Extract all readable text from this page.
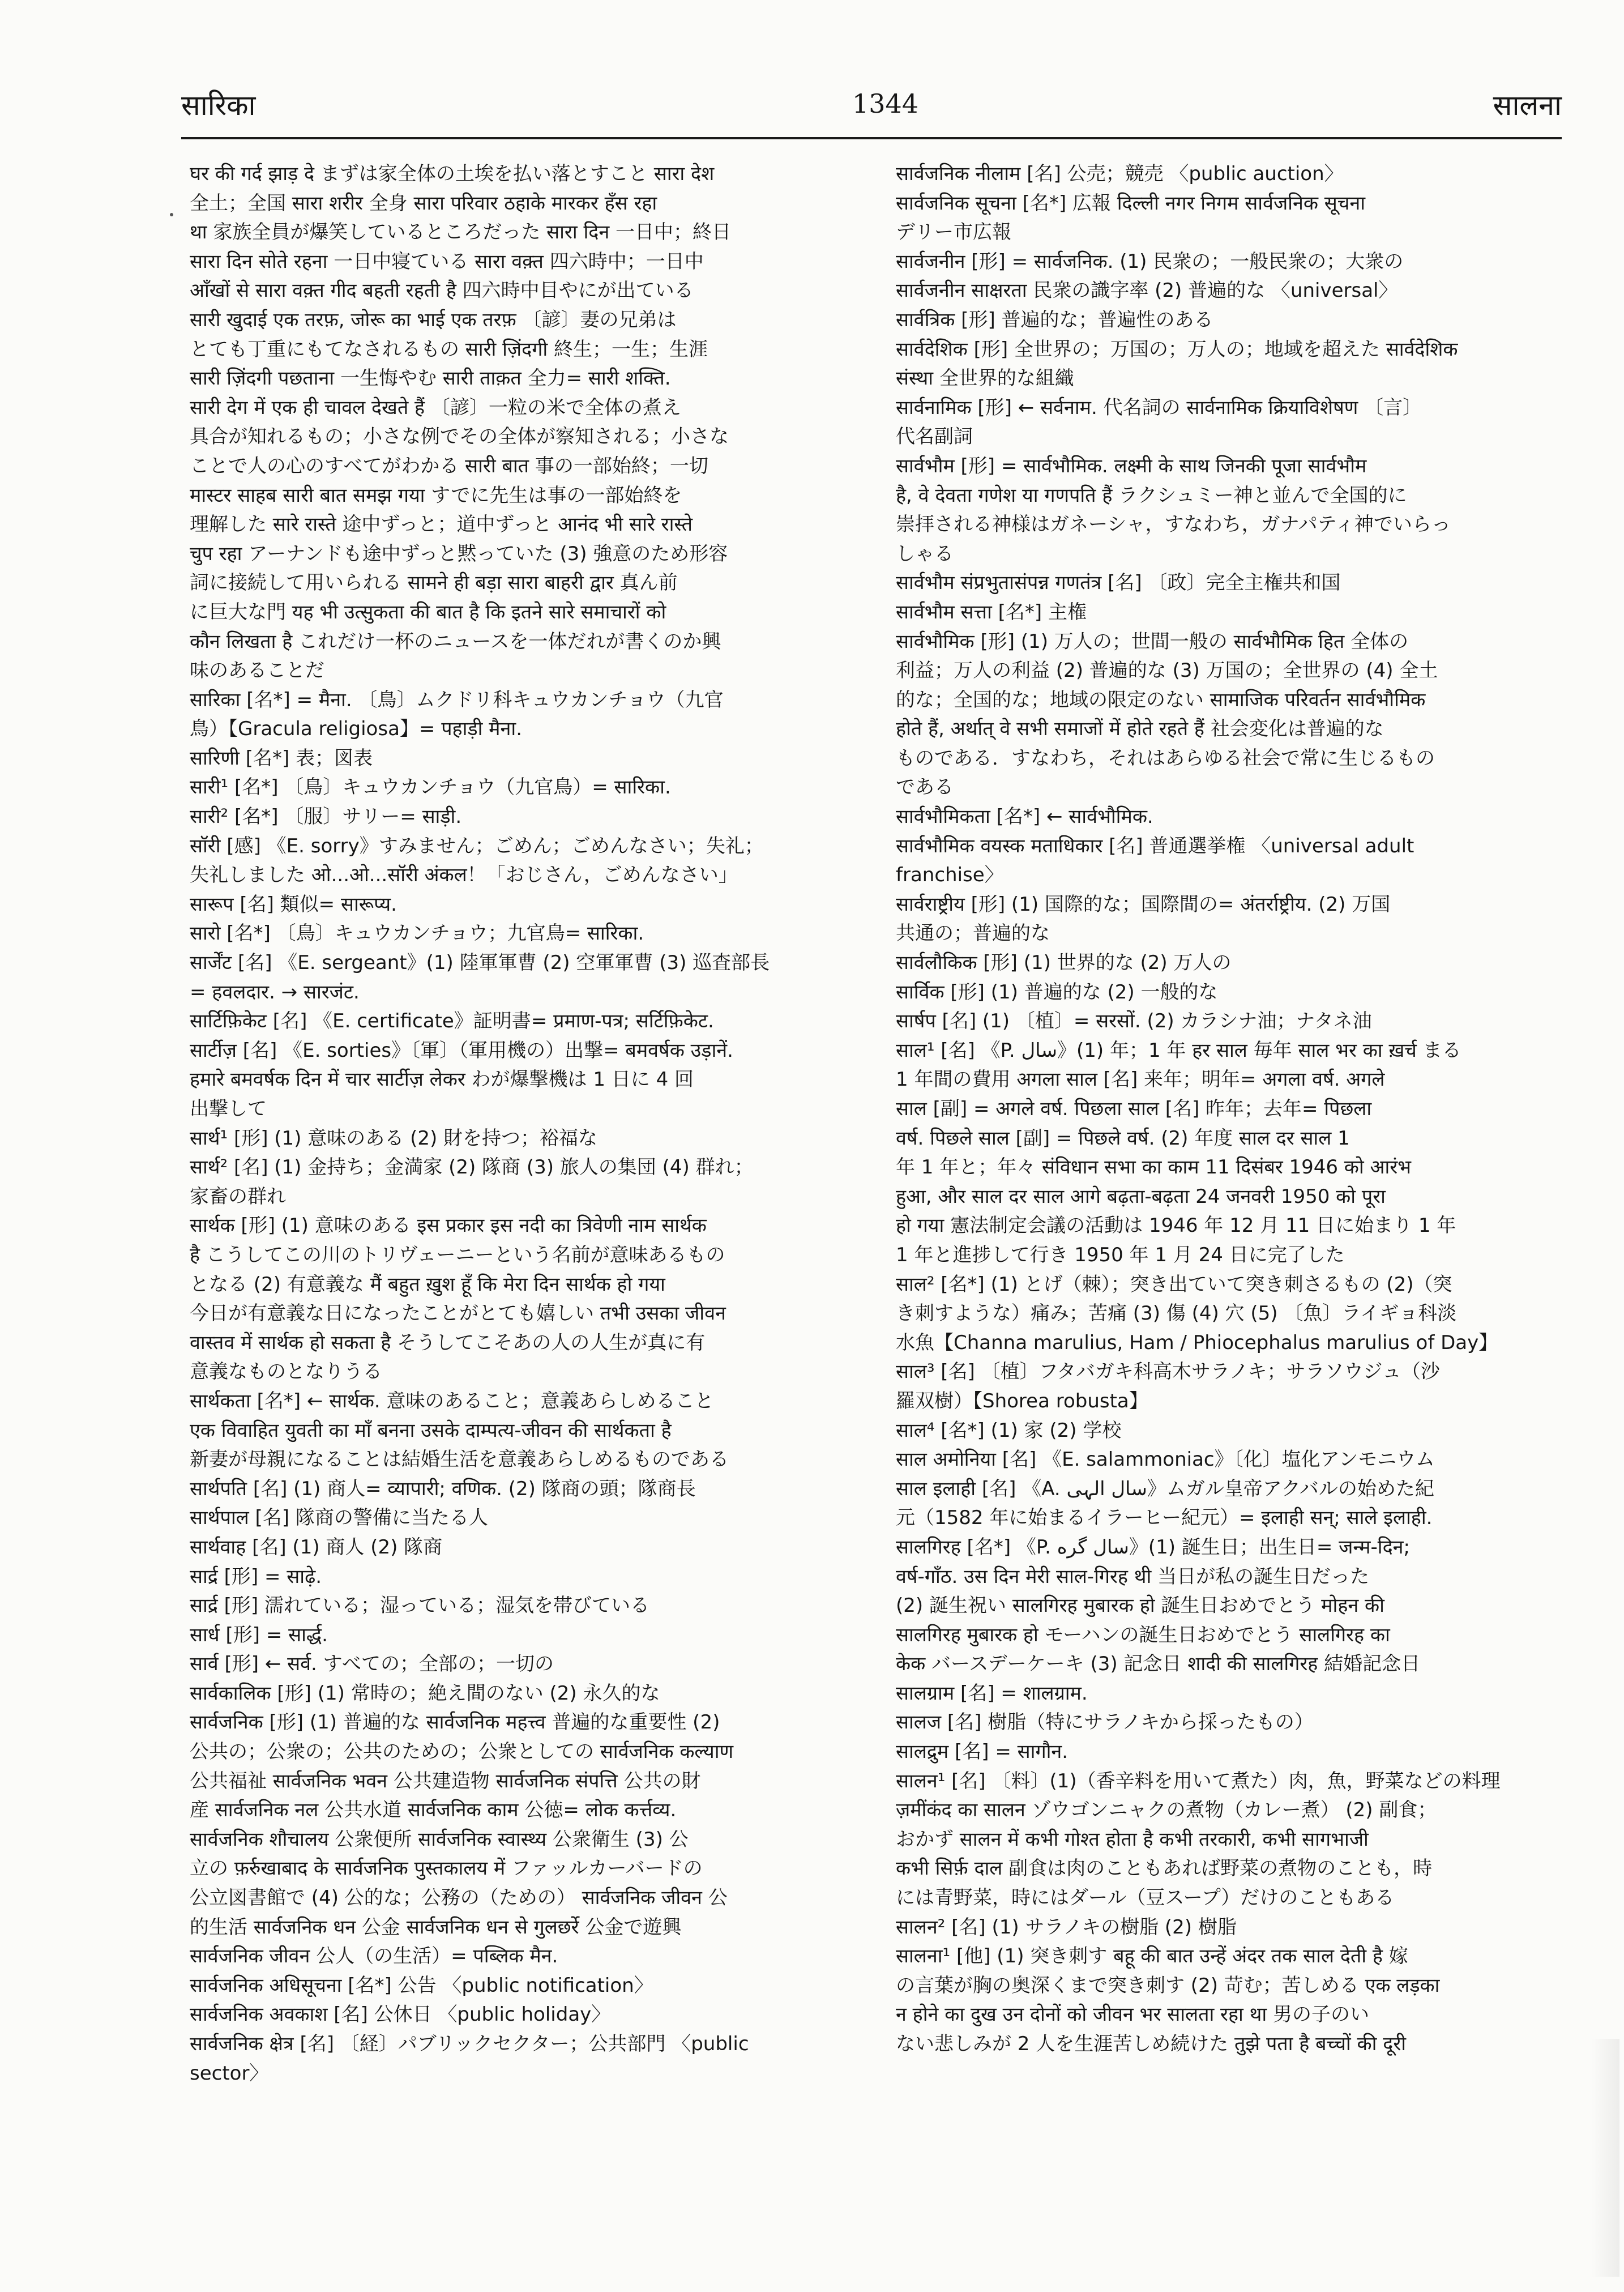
सारिका	1344	सालना
घर की गर्द झाड़ दे まずは家全体の土埃を払い落とすこと सारा देश
全土；全国 सारा शरीर 全身 सारा परिवार ठहाके मारकर हँस रहा
था 家族全員が爆笑しているところだった सारा दिन 一日中；終日
सारा दिन सोते रहना 一日中寝ている सारा वक़्त 四六時中；一日中
आँखों से सारा वक़्त गीद बहती रहती है 四六時中目やにが出ている
सारी खुदाई एक तरफ़, जोरू का भाई एक तरफ़ 〔諺〕妻の兄弟は
とても丁重にもてなされるもの सारी ज़िंदगी 終生；一生；生涯
सारी ज़िंदगी पछताना 一生悔やむ सारी ताक़त 全力= सारी शक्ति.
सारी देग में एक ही चावल देखते हैं 〔諺〕一粒の米で全体の煮え
具合が知れるもの；小さな例でその全体が察知される；小さな
ことで人の心のすべてがわかる सारी बात 事の一部始終；一切
मास्टर साहब सारी बात समझ गया すでに先生は事の一部始終を
理解した सारे रास्ते 途中ずっと；道中ずっと आनंद भी सारे रास्ते
चुप रहा アーナンドも途中ずっと黙っていた (3) 強意のため形容
詞に接続して用いられる सामने ही बड़ा सारा बाहरी द्वार 真ん前
に巨大な門 यह भी उत्सुकता की बात है कि इतने सारे समाचारों को
कौन लिखता है これだけ一杯のニュースを一体だれが書くのか興
味のあることだ
सारिका [名*] = मैना. 〔鳥〕ムクドリ科キュウカンチョウ（九官
鳥）【Gracula religiosa】= पहाड़ी मैना.
सारिणी [名*] 表；図表
सारी¹ [名*] 〔鳥〕キュウカンチョウ（九官鳥）= सारिका.
सारी² [名*] 〔服〕サリー= साड़ी.
सॉरी [感] 《E. sorry》すみません；ごめん；ごめんなさい；失礼；
失礼しました ओ...ओ...सॉरी अंकल！「おじさん，ごめんなさい」
सारूप [名] 類似= सारूप्य.
सारो [名*] 〔鳥〕キュウカンチョウ；九官鳥= सारिका.
सार्जेंट [名] 《E. sergeant》(1) 陸軍軍曹 (2) 空軍軍曹 (3) 巡査部長
= हवलदार. → सारजंट.
सार्टिफ़िकेट [名] 《E. certificate》証明書= प्रमाण-पत्र; सर्टिफ़िकेट.
सार्टीज़ [名] 《E. sorties》〔軍〕（軍用機の）出撃= बमवर्षक उड़ानें.
हमारे बमवर्षक दिन में चार सार्टीज़ लेकर わが爆撃機は 1 日に 4 回
出撃して
सार्थ¹ [形] (1) 意味のある (2) 財を持つ；裕福な
सार्थ² [名] (1) 金持ち；金満家 (2) 隊商 (3) 旅人の集団 (4) 群れ；
家畜の群れ
सार्थक [形] (1) 意味のある इस प्रकार इस नदी का त्रिवेणी नाम सार्थक
है こうしてこの川のトリヴェーニーという名前が意味あるもの
となる (2) 有意義な मैं बहुत ख़ुश हूँ कि मेरा दिन सार्थक हो गया
今日が有意義な日になったことがとても嬉しい तभी उसका जीवन
वास्तव में सार्थक हो सकता है そうしてこそあの人の人生が真に有
意義なものとなりうる
सार्थकता [名*] ← सार्थक. 意味のあること；意義あらしめること
एक विवाहित युवती का माँ बनना उसके दाम्पत्य-जीवन की सार्थकता है
新妻が母親になることは結婚生活を意義あらしめるものである
सार्थपति [名] (1) 商人= व्यापारी; वणिक. (2) 隊商の頭；隊商長
सार्थपाल [名] 隊商の警備に当たる人
सार्थवाह [名] (1) 商人 (2) 隊商
सार्द्र [形] = साढ़े.
सार्द्र [形] 濡れている；湿っている；湿気を帯びている
सार्ध [形] = सार्द्ध.
सार्व [形] ← सर्व. すべての；全部の；一切の
सार्वकालिक [形] (1) 常時の；絶え間のない (2) 永久的な
सार्वजनिक [形] (1) 普遍的な सार्वजनिक महत्त्व 普遍的な重要性 (2)
公共の；公衆の；公共のための；公衆としての सार्वजनिक कल्याण
公共福祉 सार्वजनिक भवन 公共建造物 सार्वजनिक संपत्ति 公共の財
産 सार्वजनिक नल 公共水道 सार्वजनिक काम 公徳= लोक कर्त्तव्य.
सार्वजनिक शौचालय 公衆便所 सार्वजनिक स्वास्थ्य 公衆衛生 (3) 公
立の फ़र्रुखाबाद के सार्वजनिक पुस्तकालय में ファッルカーバードの
公立図書館で (4) 公的な；公務の（ための） सार्वजनिक जीवन 公
的生活 सार्वजनिक धन 公金 सार्वजनिक धन से गुलछर्रे 公金で遊興
सार्वजनिक जीवन 公人（の生活）= पब्लिक मैन.
सार्वजनिक अधिसूचना [名*] 公告 〈public notification〉
सार्वजनिक अवकाश [名] 公休日 〈public holiday〉
सार्वजनिक क्षेत्र [名] 〔経〕パブリックセクター；公共部門 〈public
sector〉
सार्वजनिक नीलाम [名] 公売；競売 〈public auction〉
सार्वजनिक सूचना [名*] 広報 दिल्ली नगर निगम सार्वजनिक सूचना
デリー市広報
सार्वजनीन [形] = सार्वजनिक. (1) 民衆の；一般民衆の；大衆の
सार्वजनीन साक्षरता 民衆の識字率 (2) 普遍的な 〈universal〉
सार्वत्रिक [形] 普遍的な；普遍性のある
सार्वदेशिक [形] 全世界の；万国の；万人の；地域を超えた सार्वदेशिक
संस्था 全世界的な組織
सार्वनामिक [形] ← सर्वनाम. 代名詞の सार्वनामिक क्रियाविशेषण 〔言〕
代名副詞
सार्वभौम [形] = सार्वभौमिक. लक्ष्मी के साथ जिनकी पूजा सार्वभौम
है, वे देवता गणेश या गणपति हैं ラクシュミー神と並んで全国的に
崇拝される神様はガネーシャ，すなわち，ガナパティ神でいらっ
しゃる
सार्वभौम संप्रभुतासंपन्न गणतंत्र [名] 〔政〕完全主権共和国
सार्वभौम सत्ता [名*] 主権
सार्वभौमिक [形] (1) 万人の；世間一般の सार्वभौमिक हित 全体の
利益；万人の利益 (2) 普遍的な (3) 万国の；全世界の (4) 全土
的な；全国的な；地域の限定のない सामाजिक परिवर्तन सार्वभौमिक
होते हैं, अर्थात् वे सभी समाजों में होते रहते हैं 社会変化は普遍的な
ものである．すなわち，それはあらゆる社会で常に生じるもの
である
सार्वभौमिकता [名*] ← सार्वभौमिक.
सार्वभौमिक वयस्क मताधिकार [名] 普通選挙権 〈universal adult
franchise〉
सार्वराष्ट्रीय [形] (1) 国際的な；国際間の= अंतर्राष्ट्रीय. (2) 万国
共通の；普遍的な
सार्वलौकिक [形] (1) 世界的な (2) 万人の
सार्विक [形] (1) 普遍的な (2) 一般的な
सार्षप [名] (1) 〔植〕= सरसों. (2) カラシナ油；ナタネ油
साल¹ [名] 《P. سال》(1) 年；1 年 हर साल 毎年 साल भर का ख़र्च まる
1 年間の費用 अगला साल [名] 来年；明年= अगला वर्ष. अगले
साल [副] = अगले वर्ष. पिछला साल [名] 昨年；去年= पिछला
वर्ष. पिछले साल [副] = पिछले वर्ष. (2) 年度 साल दर साल 1
年 1 年と；年々 संविधान सभा का काम 11 दिसंबर 1946 को आरंभ
हुआ, और साल दर साल आगे बढ़ता-बढ़ता 24 जनवरी 1950 को पूरा
हो गया 憲法制定会議の活動は 1946 年 12 月 11 日に始まり 1 年
1 年と進捗して行き 1950 年 1 月 24 日に完了した
साल² [名*] (1) とげ（棘）；突き出ていて突き刺さるもの (2)（突
き刺すような）痛み；苦痛 (3) 傷 (4) 穴 (5) 〔魚〕ライギョ科淡
水魚【Channa marulius, Ham / Phiocephalus marulius of Day】
साल³ [名] 〔植〕フタバガキ科高木サラノキ；サラソウジュ（沙
羅双樹）【Shorea robusta】
साल⁴ [名*] (1) 家 (2) 学校
साल अमोनिया [名] 《E. salammoniac》〔化〕塩化アンモニウム
साल इलाही [名] 《A. سال الہی》ムガル皇帝アクバルの始めた紀
元（1582 年に始まるイラーヒー紀元）= इलाही सन्; साले इलाही.
सालगिरह [名*] 《P. سال گره》(1) 誕生日；出生日= जन्म-दिन;
वर्ष-गाँठ. उस दिन मेरी साल-गिरह थी 当日が私の誕生日だった
(2) 誕生祝い सालगिरह मुबारक हो 誕生日おめでとう मोहन की
सालगिरह मुबारक हो モーハンの誕生日おめでとう सालगिरह का
केक バースデーケーキ (3) 記念日 शादी की सालगिरह 結婚記念日
सालग्राम [名] = शालग्राम.
सालज [名] 樹脂（特にサラノキから採ったもの）
सालद्रुम [名] = सागौन.
सालन¹ [名] 〔料〕(1)（香辛料を用いて煮た）肉，魚，野菜などの料理
ज़मींकंद का सालन ゾウゴンニャクの煮物（カレー煮） (2) 副食；
おかず सालन में कभी गोश्त होता है कभी तरकारी, कभी सागभाजी
कभी सिर्फ़ दाल 副食は肉のこともあれば野菜の煮物のことも，時
には青野菜，時にはダール（豆スープ）だけのこともある
सालन² [名] (1) サラノキの樹脂 (2) 樹脂
सालना¹ [他] (1) 突き刺す बहू की बात उन्हें अंदर तक साल देती है 嫁
の言葉が胸の奥深くまで突き刺す (2) 苛む；苦しめる एक लड़का
न होने का दुख उन दोनों को जीवन भर सालता रहा था 男の子のい
ない悲しみが 2 人を生涯苦しめ続けた तुझे पता है बच्चों की दूरी
